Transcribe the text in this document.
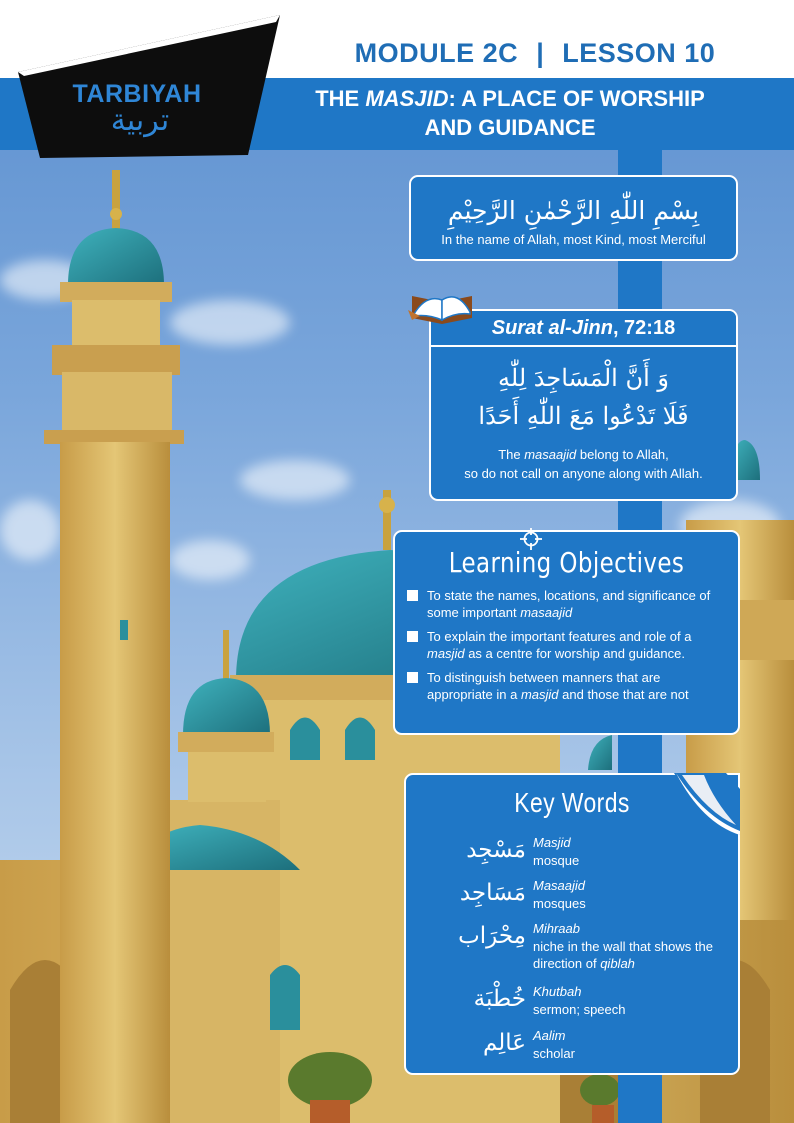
MODULE 2C | LESSON 10
THE MASJID: A PLACE OF WORSHIP
AND GUIDANCE
TARBIYAH
تربية
بِسْمِ اللّٰهِ الرَّحْمٰنِ الرَّحِيْمِ
In the name of Allah, most Kind, most Merciful
Surat al-Jinn, 72:18
وَ أَنَّ الْمَسَاجِدَ لِلّٰهِ
فَلَا تَدْعُوا مَعَ اللّٰهِ أَحَدًا
The masaajid belong to Allah,
so do not call on anyone along with Allah.
Learning Objectives
To state the names, locations, and significance of some important masaajid
To explain the important features and role of a masjid as a centre for worship and guidance.
To distinguish between manners that are appropriate in a masjid and those that are not
Key Words
مَسْجِد Masjid
mosque
مَسَاجِد Masaajid
mosques
مِحْرَاب Mihraab
niche in the wall that shows the direction of qiblah
خُطْبَة Khutbah
sermon; speech
عَالِم Aalim
scholar
